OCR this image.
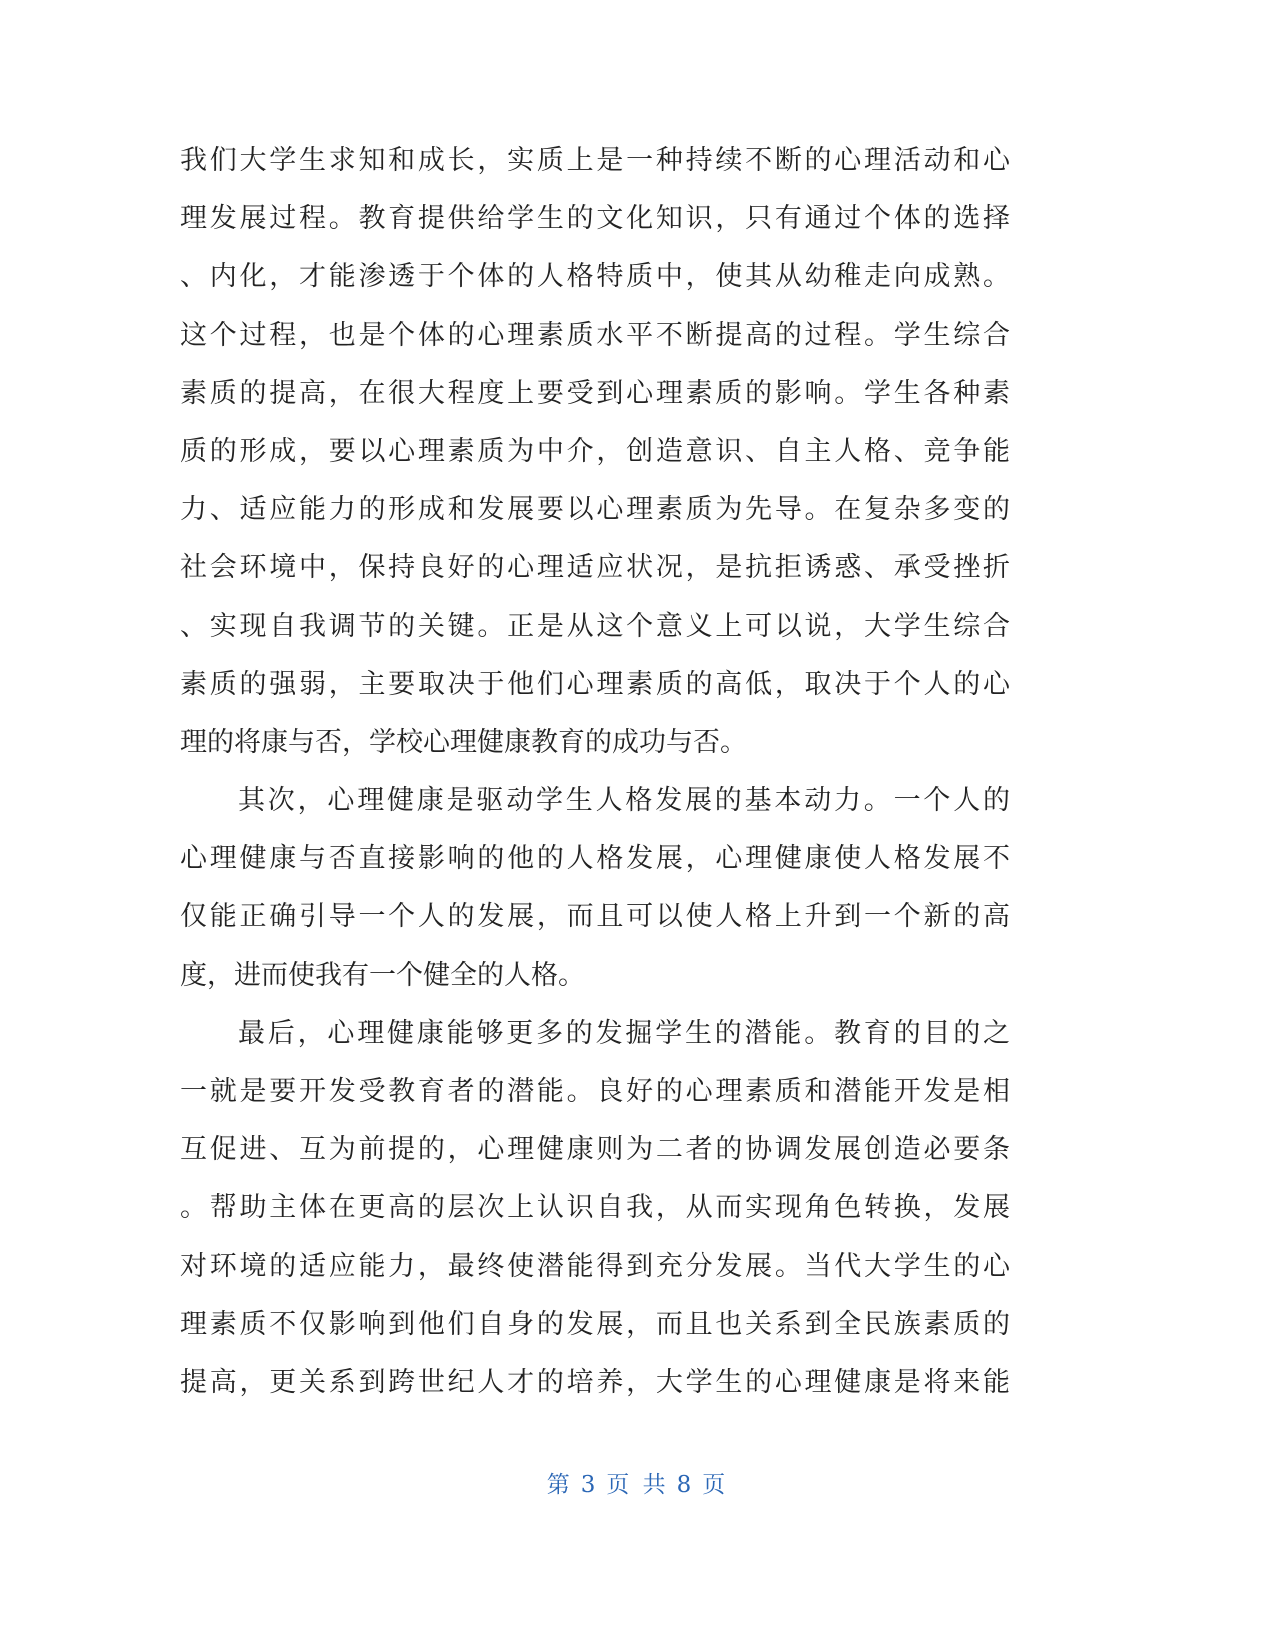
我们大学生求知和成长，实质上是一种持续不断的心理活动和心
理发展过程。教育提供给学生的文化知识，只有通过个体的选择
、内化，才能渗透于个体的人格特质中，使其从幼稚走向成熟。
这个过程，也是个体的心理素质水平不断提高的过程。学生综合
素质的提高，在很大程度上要受到心理素质的影响。学生各种素
质的形成，要以心理素质为中介，创造意识、自主人格、竞争能
力、适应能力的形成和发展要以心理素质为先导。在复杂多变的
社会环境中，保持良好的心理适应状况，是抗拒诱惑、承受挫折
、实现自我调节的关键。正是从这个意义上可以说，大学生综合
素质的强弱，主要取决于他们心理素质的高低，取决于个人的心
理的将康与否，学校心理健康教育的成功与否。
其次，心理健康是驱动学生人格发展的基本动力。一个人的
心理健康与否直接影响的他的人格发展，心理健康使人格发展不
仅能正确引导一个人的发展，而且可以使人格上升到一个新的高
度，进而使我有一个健全的人格。
最后，心理健康能够更多的发掘学生的潜能。教育的目的之
一就是要开发受教育者的潜能。良好的心理素质和潜能开发是相
互促进、互为前提的，心理健康则为二者的协调发展创造必要条
。帮助主体在更高的层次上认识自我，从而实现角色转换，发展
对环境的适应能力，最终使潜能得到充分发展。当代大学生的心
理素质不仅影响到他们自身的发展，而且也关系到全民族素质的
提高，更关系到跨世纪人才的培养，大学生的心理健康是将来能
第 3 页 共 8 页
